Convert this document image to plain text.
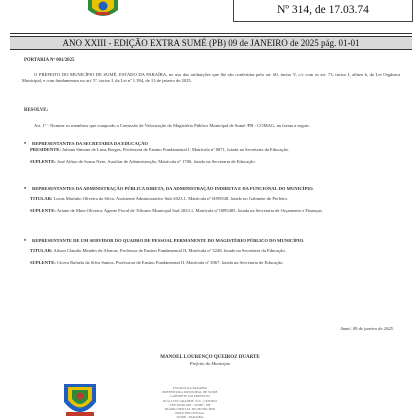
Nº 314, de 17.03.74
ANO XXIII - EDIÇÃO EXTRA SUMÉ (PB) 09 de JANEIRO de 2025 pág. 01-01
PORTARIA Nº 001/2025
O PREFEITO DO MUNICÍPIO DE SUMÉ, ESTADO DA PARAÍBA, no uso das atribuições que lhe são conferidas pelo art. 60, inciso V, c/c com os art. 73, inciso I, alínea b, da Lei Orgânica Municipal, e com fundamentos no art. 5º, inciso I, da Lei nº 1.394, de 13 de janeiro de 2025.
RESOLVE:
Art. 1º - Nomear os membros que comporão a Comissão de Valorização do Magistério Público Municipal de Sumé /PB - COMAG, na forma a seguir:
• REPRESENTANTES DA SECRETARIA DA EDUCAÇÃO
PRESIDENTE: Juliana Simone de Lima Borges, Professora de Ensino Fundamental I, Matrícula nº 0871, lotada na Secretaria da Educação.
SUPLENTE: José Ailton de Sousa Neto, Auxiliar de Administração, Matrícula nº 1706, lotado na Secretaria de Educação.
• REPRESENTANTES DA ADMINISTRAÇÃO PÚBLICA DIRETA, DA ADMINISTRAÇÃO INDIRETA E DA FUNCIONAL DO MUNICÍPIO.
TITULAR: Lucas Marinho Oliveira da Silva, Assistente Administrativo Sub-2023.1, Matrícula nº 0095948, lotado no Gabinete do Prefeito.
SUPLENTE: Ariane de Mota Oliveira, Agente Fiscal de Tributos Municipal Sud 2023.1, Matrícula nº 0095485, lotada na Secretaria de Orçamento e Finanças.
• REPRESENTANTE DE UM SERVIDOR DO QUADRO DE PESSOAL PERMANENTE DO MAGISTÉRIO PÚBLICO DO MUNICÍPIO.
TITULAR: Ailson Claudio Mendes de Alencar, Professor de Ensino Fundamental II, Matrícula nº 3248, lotado na Secretaria da Educação.
SUPLENTE: Cícera Rafaela da Silva Santos, Professora de Ensino Fundamental II, Matrícula nº 3067, lotada na Secretaria de Educação.
Sumé, 09 de janeiro de 2025.
MANOEL LOURENÇO QUEIROZ DUARTE
Prefeito do Município
ESTADO DA PARAÍBA
PREFEITURA MUNICIPAL DE SUMÉ
GABINETE DO PREFEITO
RUA LUIZ GRANDE, S/N - CENTRO
CEP 58540-000 - SUMÉ - PB
DIÁRIO OFICIAL DO MUNICÍPIO
BOLETIM OFICIAL
SUMÉ - PARAÍBA
